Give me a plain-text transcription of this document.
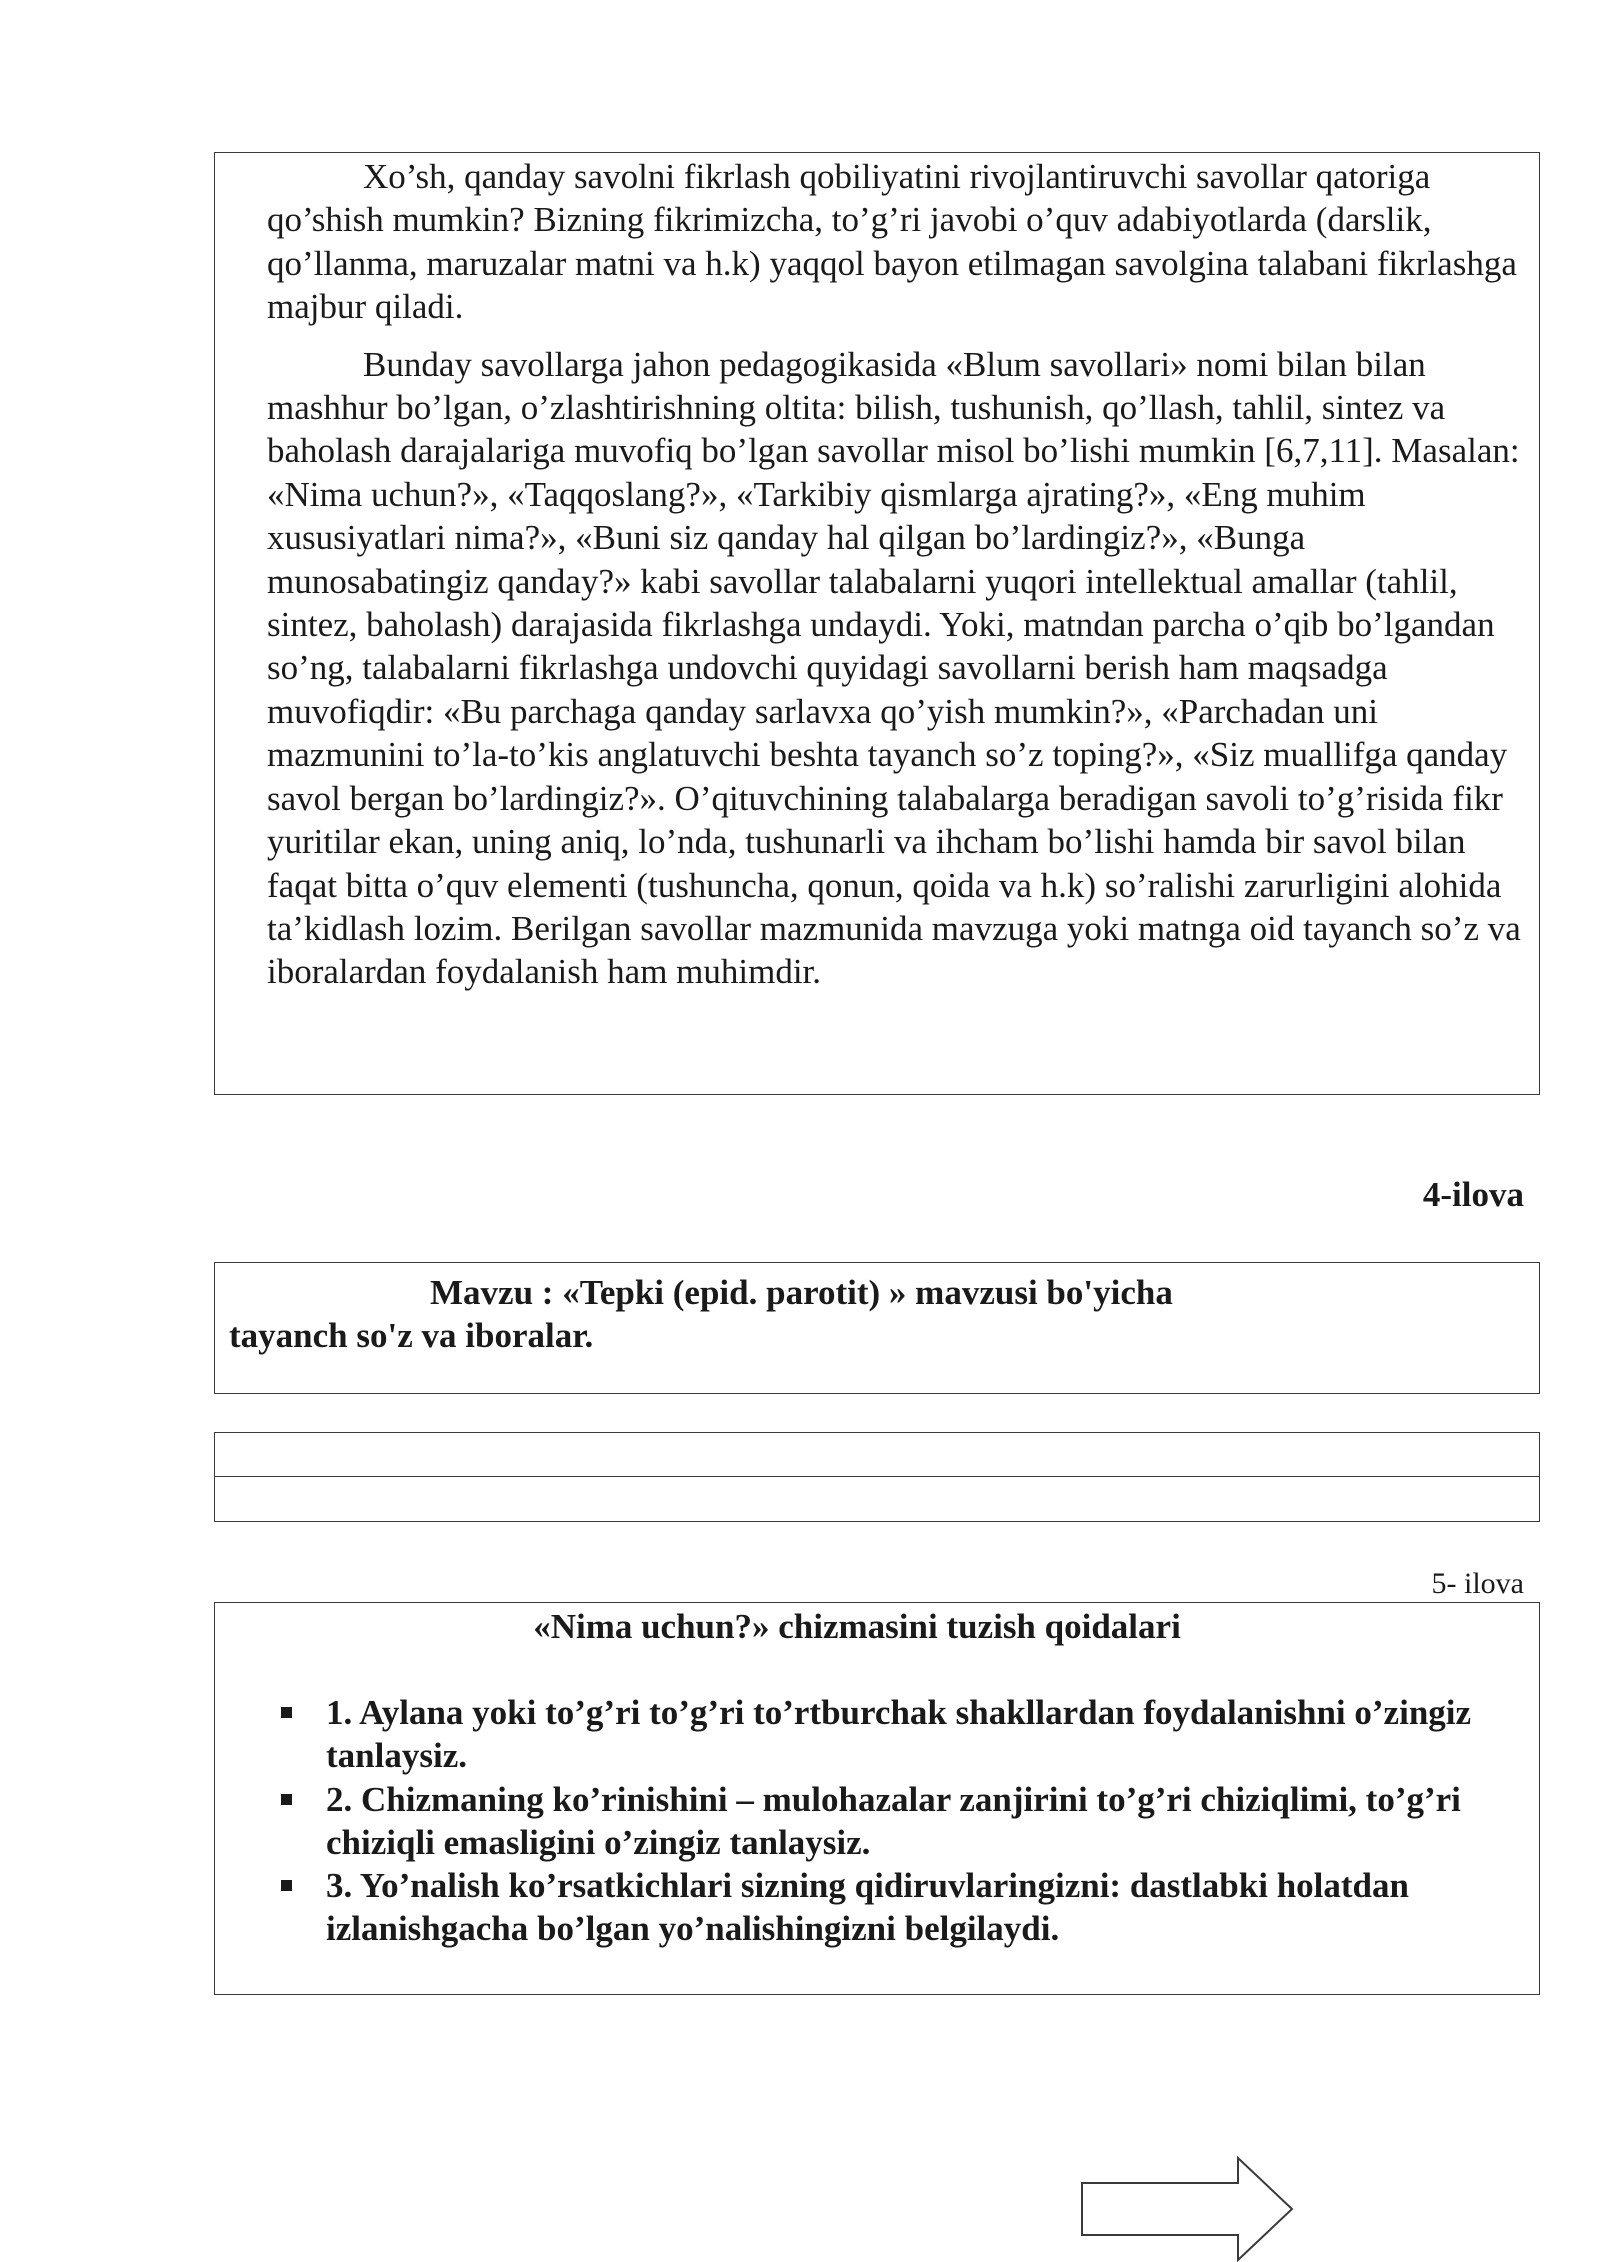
Xo’sh, qanday savolni fikrlash qobiliyatini rivojlantiruvchi savollar qatoriga qo’shish mumkin? Bizning fikrimizcha, to’g’ri javobi o’quv adabiyotlarda (darslik, qo’llanma, maruzalar matni va h.k) yaqqol bayon etilmagan savolgina talabani fikrlashga majbur qiladi.

Bunday savollarga jahon pedagogikasida «Blum savollari» nomi bilan bilan mashhur bo’lgan, o’zlashtirishning oltita: bilish, tushunish, qo’llash, tahlil, sintez va baholash darajalariga muvofiq bo’lgan savollar misol bo’lishi mumkin [6,7,11]. Masalan: «Nima uchun?», «Taqqoslang?», «Tarkibiy qismlarga ajrating?», «Eng muhim xususiyatlari nima?», «Buni siz qanday hal qilgan bo’lardingiz?», «Bunga munosabatingiz qanday?» kabi savollar talabalarni yuqori intellektual amallar (tahlil, sintez, baholash) darajasida fikrlashga undaydi. Yoki, matndan parcha o’qib bo’lgandan so’ng, talabalarni fikrlashga undovchi quyidagi savollarni berish ham maqsadga muvofiqdir: «Bu parchaga qanday sarlavxa qo’yish mumkin?», «Parchadan uni mazmunini to’la-to’kis anglatuvchi beshta tayanch so’z toping?», «Siz muallifga qanday savol bergan bo’lardingiz?». O’qituvchining talabalarga beradigan savoli to’g’risida fikr yuritilar ekan, uning aniq, lo’nda, tushunarli va ihcham bo’lishi hamda bir savol bilan faqat bitta o’quv elementi (tushuncha, qonun, qoida va h.k) so’ralishi zarurligini alohida ta’kidlash lozim. Berilgan savollar mazmunida mavzuga yoki matnga oid tayanch so’z va iboralardan foydalanish ham muhimdir.

4-ilova
Mavzu : «Tepki (epid. parotit) » mavzusi bo'yicha
tayanch so'z va iboralar.
5- ilova
«Nima uchun?» chizmasini tuzish qoidalari
1. Aylana yoki to’g’ri to’g’ri to’rtburchak shakllardan foydalanishni o’zingiz tanlaysiz.
2. Chizmaning ko’rinishini – mulohazalar zanjirini to’g’ri chiziqlimi, to’g’ri chiziqli emasligini o’zingiz tanlaysiz.
3. Yo’nalish ko’rsatkichlari sizning qidiruvlaringizni: dastlabki holatdan izlanishgacha bo’lgan yo’nalishingizni belgilaydi.
